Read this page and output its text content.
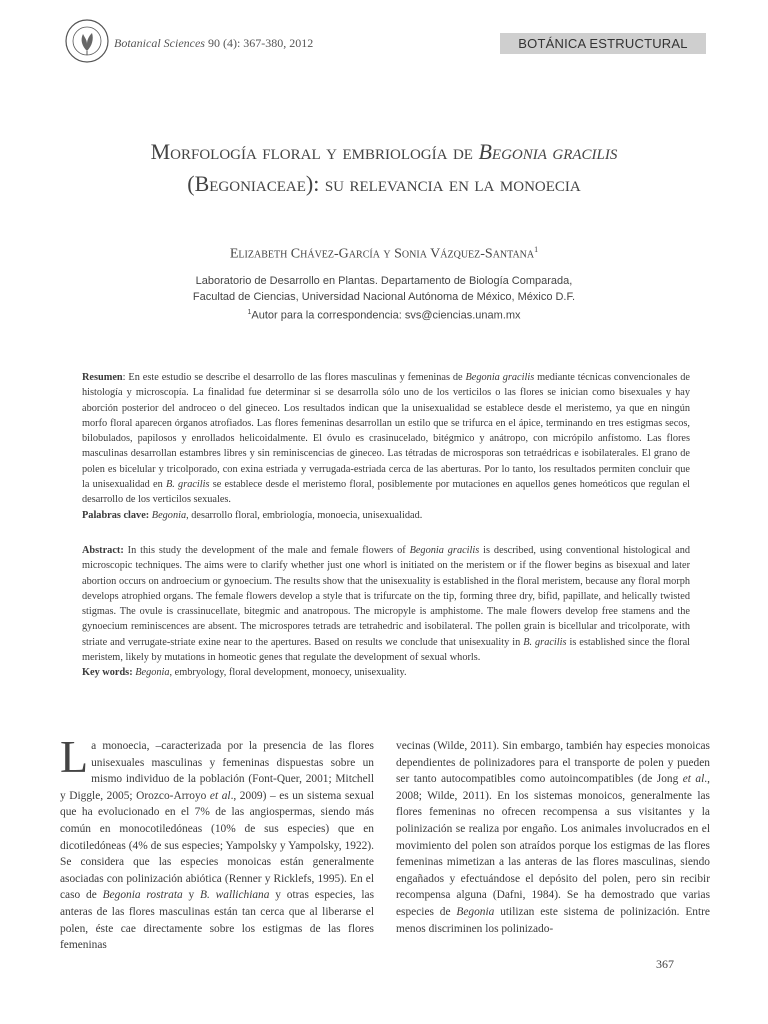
Botanical Sciences 90 (4): 367-380, 2012	BOTÁNICA ESTRUCTURAL
Morfología floral y embriología de Begonia gracilis
(Begoniaceae): su relevancia en la monoecia
Elizabeth Chávez-García y Sonia Vázquez-Santana$^1$
Laboratorio de Desarrollo en Plantas. Departamento de Biología Comparada,
Facultad de Ciencias, Universidad Nacional Autónoma de México, México D.F.
$^1$Autor para la correspondencia: svs@ciencias.unam.mx
Resumen: En este estudio se describe el desarrollo de las flores masculinas y femeninas de Begonia gracilis mediante técnicas convencionales de histología y microscopía. La finalidad fue determinar si se desarrolla sólo uno de los verticilos o las flores se inician como bisexuales y hay aborción posterior del androceo o del gineceo. Los resultados indican que la unisexualidad se establece desde el meristemo, ya que en ningún morfo floral aparecen órganos atrofiados. Las flores femeninas desarrollan un estilo que se trifurca en el ápice, terminando en tres estigmas secos, bilobulados, papilosos y enrollados helicoidalmente. El óvulo es crasinucelado, bitégmico y anátropo, con micrópilo anfístomo. Las flores masculinas desarrollan estambres libres y sin reminiscencias de gineceo. Las tétradas de microsporas son tetraédricas e isobilaterales. El grano de polen es bicelular y tricolporado, con exina estriada y verrugada-estriada cerca de las aberturas. Por lo tanto, los resultados permiten concluir que la unisexualidad en B. gracilis se establece desde el meristemo floral, posiblemente por mutaciones en aquellos genes homeóticos que regulan el desarrollo de los verticilos sexuales.
Palabras clave: Begonia, desarrollo floral, embriología, monoecia, unisexualidad.
Abstract: In this study the development of the male and female flowers of Begonia gracilis is described, using conventional histological and microscopic techniques. The aims were to clarify whether just one whorl is initiated on the meristem or if the flower begins as bisexual and later abortion occurs on androecium or gynoecium. The results show that the unisexuality is established in the floral meristem, because any floral morph develops atrophied organs. The female flowers develop a style that is trifurcate on the tip, forming three dry, bifid, papillate, and helically twisted stigmas. The ovule is crassinucellate, bitegmic and anatropous. The micropyle is amphistome. The male flowers develop free stamens and the gynoecium reminiscences are absent. The microspores tetrads are tetrahedric and isobilateral. The pollen grain is bicellular and tricolporate, with striate and verrugate-striate exine near to the apertures. Based on results we conclude that unisexuality in B. gracilis is established since the floral meristem, likely by mutations in homeotic genes that regulate the development of sexual whorls.
Key words: Begonia, embryology, floral development, monoecy, unisexuality.
La monoecia, –caracterizada por la presencia de las flores unisexuales masculinas y femeninas dispuestas sobre un mismo individuo de la población (Font-Quer, 2001; Mitchell y Diggle, 2005; Orozco-Arroyo et al., 2009) – es un sistema sexual que ha evolucionado en el 7% de las angiospermas, siendo más común en monocotiledóneas (10% de sus especies) que en dicotiledóneas (4% de sus especies; Yampolsky y Yampolsky, 1922). Se considera que las especies monoicas están generalmente asociadas con polinización abiótica (Renner y Ricklefs, 1995). En el caso de Begonia rostrata y B. wallichiana y otras especies, las anteras de las flores masculinas están tan cerca que al liberarse el polen, éste cae directamente sobre los estigmas de las flores femeninas
vecinas (Wilde, 2011). Sin embargo, también hay especies monoicas dependientes de polinizadores para el transporte de polen y pueden ser tanto autocompatibles como autoincompatibles (de Jong et al., 2008; Wilde, 2011). En los sistemas monoicos, generalmente las flores femeninas no ofrecen recompensa a sus visitantes y la polinización se realiza por engaño. Los animales involucrados en el movimiento del polen son atraídos porque los estigmas de las flores femeninas mimetizan a las anteras de las flores masculinas, siendo engañados y efectuándose el depósito del polen, pero sin recibir recompensa alguna (Dafni, 1984). Se ha demostrado que varias especies de Begonia utilizan este sistema de polinización. Entre menos discriminen los polinizado-
367
